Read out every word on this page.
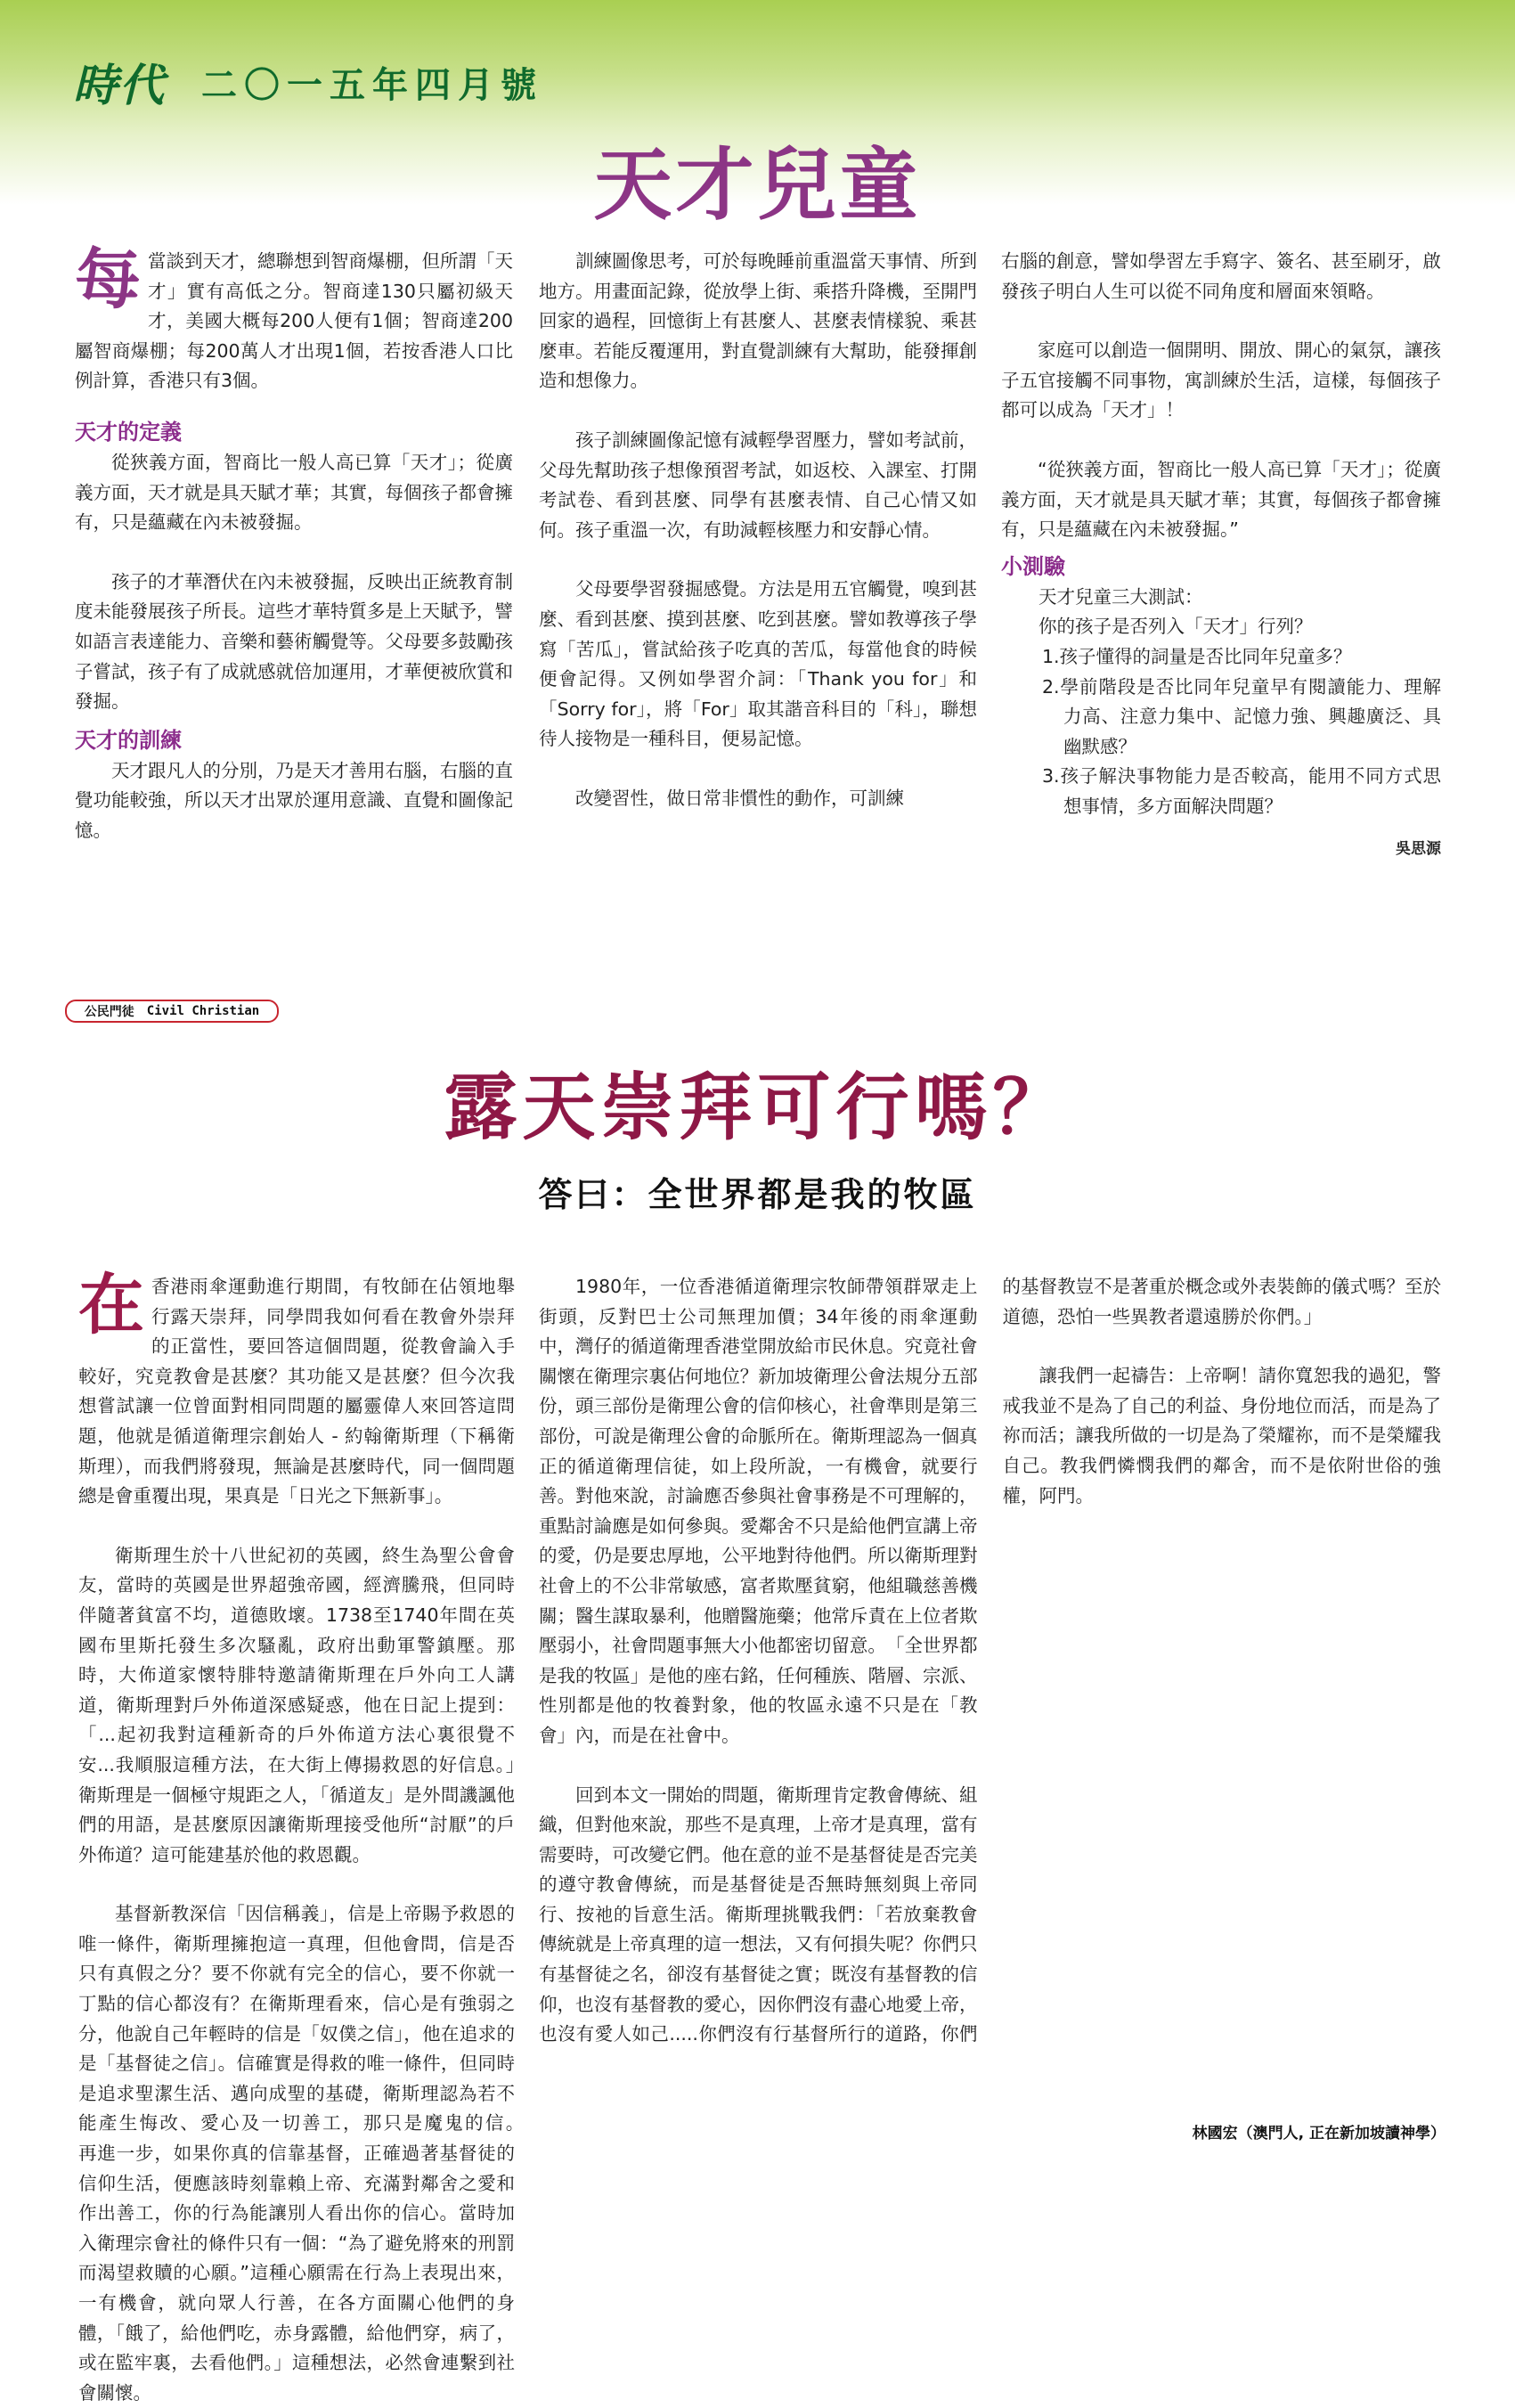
時代 二〇一五年四月號
天才兒童

每當談到天才，總聯想到智商爆棚，但所謂「天才」實有高低之分。智商達130只屬初級天才，美國大概每200人便有1個；智商達200屬智商爆棚；每200萬人才出現1個，若按香港人口比例計算，香港只有3個。

天才的定義

從狹義方面，智商比一般人高已算「天才」；從廣義方面，天才就是具天賦才華；其實，每個孩子都會擁有，只是蘊藏在內未被發掘。

孩子的才華潛伏在內未被發掘，反映出正統教育制度未能發展孩子所長。這些才華特質多是上天賦予，譬如語言表達能力、音樂和藝術觸覺等。父母要多鼓勵孩子嘗試，孩子有了成就感就倍加運用，才華便被欣賞和發掘。

天才的訓練

天才跟凡人的分別，乃是天才善用右腦，右腦的直覺功能較強，所以天才出眾於運用意識、直覺和圖像記憶。

訓練圖像思考，可於每晚睡前重溫當天事情、所到地方。用畫面記錄，從放學上街、乘搭升降機，至開門回家的過程，回憶街上有甚麼人、甚麼表情樣貌、乘甚麼車。若能反覆運用，對直覺訓練有大幫助，能發揮創造和想像力。

孩子訓練圖像記憶有減輕學習壓力，譬如考試前，父母先幫助孩子想像預習考試，如返校、入課室、打開考試卷、看到甚麼、同學有甚麼表情、自己心情又如何。孩子重溫一次，有助減輕核壓力和安靜心情。

父母要學習發掘感覺。方法是用五官觸覺，嗅到甚麼、看到甚麼、摸到甚麼、吃到甚麼。譬如教導孩子學寫「苦瓜」，嘗試給孩子吃真的苦瓜，每當他食的時候便會記得。又例如學習介詞：「Thank you for」和「Sorry for」，將「For」取其諧音科目的「科」，聯想待人接物是一種科目，便易記憶。

改變習性，做日常非慣性的動作，可訓練

右腦的創意，譬如學習左手寫字、簽名、甚至刷牙，啟發孩子明白人生可以從不同角度和層面來領略。

家庭可以創造一個開明、開放、開心的氣氛，讓孩子五官接觸不同事物，寓訓練於生活，這樣，每個孩子都可以成為「天才」！

“從狹義方面，智商比一般人高已算「天才」；從廣義方面，天才就是具天賦才華；其實，每個孩子都會擁有，只是蘊藏在內未被發掘。”

小測驗

天才兒童三大測試：

你的孩子是否列入「天才」行列？

1.孩子懂得的詞量是否比同年兒童多？

2.學前階段是否比同年兒童早有閱讀能力、理解力高、注意力集中、記憶力強、興趣廣泛、具幽默感？

3.孩子解決事物能力是否較高，能用不同方式思想事情，多方面解決問題？

吳思源
公民門徒 Civil Christian
露天崇拜可行嗎？
答曰：全世界都是我的牧區

在香港雨傘運動進行期間，有牧師在佔領地舉行露天崇拜，同學問我如何看在教會外崇拜的正當性，要回答這個問題，從教會論入手較好，究竟教會是甚麼？其功能又是甚麼？但今次我想嘗試讓一位曾面對相同問題的屬靈偉人來回答這問題，他就是循道衛理宗創始人 - 約翰衛斯理（下稱衛斯理），而我們將發現，無論是甚麼時代，同一個問題總是會重覆出現，果真是「日光之下無新事」。

衛斯理生於十八世紀初的英國，終生為聖公會會友，當時的英國是世界超強帝國，經濟騰飛，但同時伴隨著貧富不均，道德敗壞。1738至1740年間在英國布里斯托發生多次騷亂，政府出動軍警鎮壓。那時，大佈道家懷特腓特邀請衛斯理在戶外向工人講道，衛斯理對戶外佈道深感疑惑，他在日記上提到：「...起初我對這種新奇的戶外佈道方法心裏很覺不安...我順服這種方法，在大街上傳揚救恩的好信息。」　衛斯理是一個極守規距之人，「循道友」是外間譏諷他們的用語，是甚麼原因讓衛斯理接受他所“討厭”的戶外佈道？這可能建基於他的救恩觀。

基督新教深信「因信稱義」，信是上帝賜予救恩的唯一條件，衛斯理擁抱這一真理，但他會問，信是否只有真假之分？要不你就有完全的信心，要不你就一丁點的信心都沒有？在衛斯理看來，信心是有強弱之分，他說自己年輕時的信是「奴僕之信」，他在追求的是「基督徒之信」。信確實是得救的唯一條件，但同時是追求聖潔生活、邁向成聖的基礎，衛斯理認為若不能產生悔改、愛心及一切善工，那只是魔鬼的信。　　再進一步，如果你真的信靠基督，正確過著基督徒的信仰生活，便應該時刻靠賴上帝、充滿對鄰舍之愛和作出善工，你的行為能讓別人看出你的信心。當時加入衛理宗會社的條件只有一個：“為了避免將來的刑罰而渴望救贖的心願。”這種心願需在行為上表現出來，一有機會，就向眾人行善，在各方面關心他們的身體，「餓了，給他們吃，赤身露體，給他們穿，病了，或在監牢裏，去看他們。」這種想法，必然會連繫到社會關懷。

1980年，一位香港循道衛理宗牧師帶領群眾走上街頭，反對巴士公司無理加價；34年後的雨傘運動中，灣仔的循道衛理香港堂開放給市民休息。究竟社會關懷在衛理宗裏佔何地位？新加坡衛理公會法規分五部份，頭三部份是衛理公會的信仰核心，社會準則是第三部份，可說是衛理公會的命脈所在。衛斯理認為一個真正的循道衛理信徒，如上段所說，一有機會，就要行善。對他來說，討論應否參與社會事務是不可理解的，重點討論應是如何參與。愛鄰舍不只是給他們宣講上帝的愛，仍是要忠厚地，公平地對待他們。所以衛斯理對社會上的不公非常敏感，富者欺壓貧窮，他組職慈善機關；醫生謀取暴利，他贈醫施藥；他常斥責在上位者欺壓弱小，社會問題事無大小他都密切留意。　「全世界都是我的牧區」是他的座右銘，任何種族、階層、宗派、性別都是他的牧養對象，他的牧區永遠不只是在「教會」內，而是在社會中。

回到本文一開始的問題，衛斯理肯定教會傳統、組織，但對他來說，那些不是真理，上帝才是真理，當有需要時，可改變它們。他在意的並不是基督徒是否完美的遵守教會傳統，而是基督徒是否無時無刻與上帝同行、按祂的旨意生活。衛斯理挑戰我們：「若放棄教會傳統就是上帝真理的這一想法，又有何損失呢？你們只有基督徒之名，卻沒有基督徒之實；既沒有基督教的信仰，也沒有基督教的愛心，因你們沒有盡心地愛上帝，也沒有愛人如己.....你們沒有行基督所行的道路，你們的基督教豈不是著重於概念或外表裝飾的儀式嗎？至於道德，恐怕一些異教者還遠勝於你們。」

讓我們一起禱告：上帝啊！請你寬恕我的過犯，警戒我並不是為了自己的利益、身份地位而活，而是為了祢而活；讓我所做的一切是為了榮耀祢，而不是榮耀我自己。教我們憐憫我們的鄰舍，而不是依附世俗的強權，阿門。

林國宏（澳門人, 正在新加坡讀神學）
